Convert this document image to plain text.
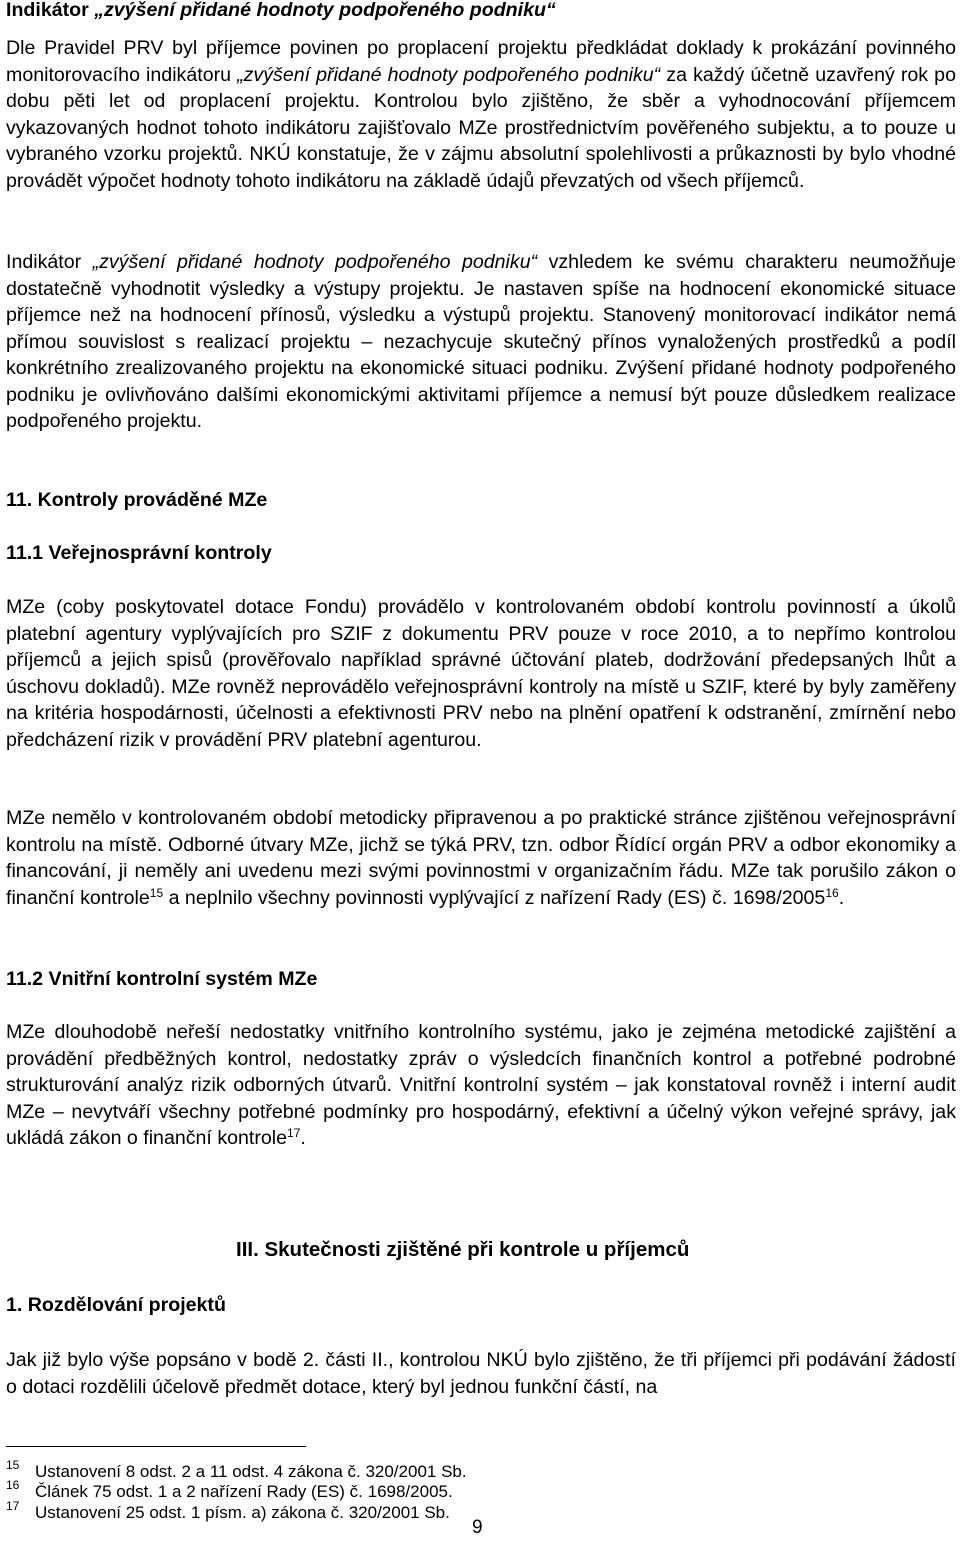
Indikátor „zvýšení přidané hodnoty podpořeného podniku“

Dle Pravidel PRV byl příjemce povinen po proplacení projektu předkládat doklady k prokázání povinného monitorovacího indikátoru „zvýšení přidané hodnoty podpořeného podniku“ za každý účetně uzavřený rok po dobu pěti let od proplacení projektu. Kontrolou bylo zjištěno, že sběr a vyhodnocování příjemcem vykazovaných hodnot tohoto indikátoru zajišťovalo MZe prostřednictvím pověřeného subjektu, a to pouze u vybraného vzorku projektů. NKÚ konstatuje, že v zájmu absolutní spolehlivosti a průkaznosti by bylo vhodné provádět výpočet hodnoty tohoto indikátoru na základě údajů převzatých od všech příjemců.

Indikátor „zvýšení přidané hodnoty podpořeného podniku“ vzhledem ke svému charakteru neumožňuje dostatečně vyhodnotit výsledky a výstupy projektu. Je nastaven spíše na hodnocení ekonomické situace příjemce než na hodnocení přínosů, výsledku a výstupů projektu. Stanovený monitorovací indikátor nemá přímou souvislost s realizací projektu – nezachycuje skutečný přínos vynaložených prostředků a podíl konkrétního zrealizovaného projektu na ekonomické situaci podniku. Zvýšení přidané hodnoty podpořeného podniku je ovlivňováno dalšími ekonomickými aktivitami příjemce a nemusí být pouze důsledkem realizace podpořeného projektu.

11. Kontroly prováděné MZe
11.1 Veřejnosprávní kontroly

MZe (coby poskytovatel dotace Fondu) provádělo v kontrolovaném období kontrolu povinností a úkolů platební agentury vyplývajících pro SZIF z dokumentu PRV pouze v roce 2010, a to nepřímo kontrolou příjemců a jejich spisů (prověřovalo například správné účtování plateb, dodržování předepsaných lhůt a úschovu dokladů). MZe rovněž neprovádělo veřejnosprávní kontroly na místě u SZIF, které by byly zaměřeny na kritéria hospodárnosti, účelnosti a efektivnosti PRV nebo na plnění opatření k odstranění, zmírnění nebo předcházení rizik v provádění PRV platební agenturou.

MZe nemělo v kontrolovaném období metodicky připravenou a po praktické stránce zjištěnou veřejnosprávní kontrolu na místě. Odborné útvary MZe, jichž se týká PRV, tzn. odbor Řídící orgán PRV a odbor ekonomiky a financování, ji neměly ani uvedenu mezi svými povinnostmi v organizačním řádu. MZe tak porušilo zákon o finanční kontrole$^{15}$ a neplnilo všechny povinnosti vyplývající z nařízení Rady (ES) č. 1698/2005$^{16}$.

11.2 Vnitřní kontrolní systém MZe

MZe dlouhodobě neřeší nedostatky vnitřního kontrolního systému, jako je zejména metodické zajištění a provádění předběžných kontrol, nedostatky zpráv o výsledcích finančních kontrol a potřebné podrobné strukturování analýz rizik odborných útvarů. Vnitřní kontrolní systém – jak konstatoval rovněž i interní audit MZe – nevytváří všechny potřebné podmínky pro hospodárný, efektivní a účelný výkon veřejné správy, jak ukládá zákon o finanční kontrole$^{17}$.

III. Skutečnosti zjištěné při kontrole u příjemců
1. Rozdělování projektů

Jak již bylo výše popsáno v bodě 2. části II., kontrolou NKÚ bylo zjištěno, že tři příjemci při podávání žádostí o dotaci rozdělili účelově předmět dotace, který byl jednou funkční částí, na

15 Ustanovení 8 odst. 2 a 11 odst. 4 zákona č. 320/2001 Sb.
16 Článek 75 odst. 1 a 2 nařízení Rady (ES) č. 1698/2005.
17 Ustanovení 25 odst. 1 písm. a) zákona č. 320/2001 Sb.
9
